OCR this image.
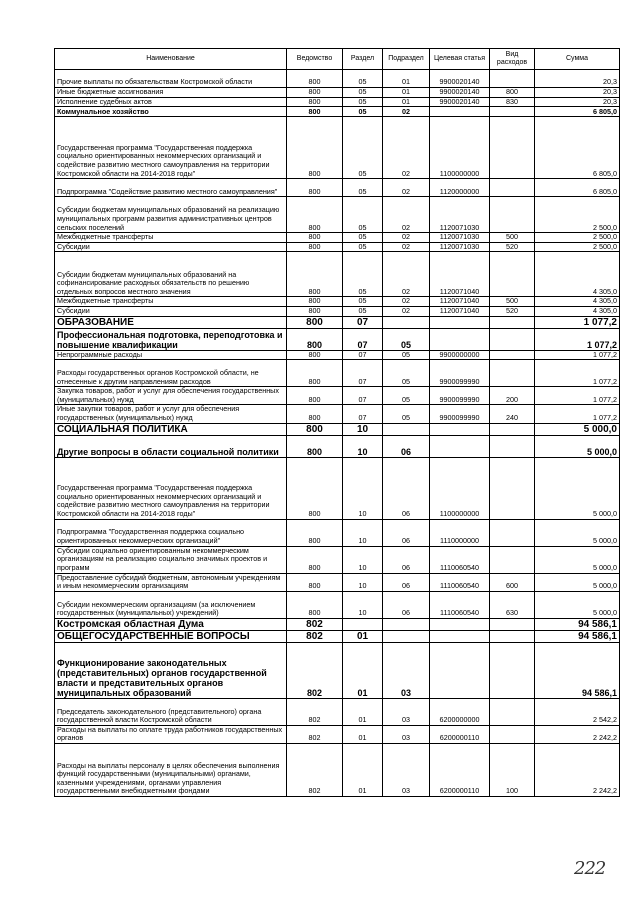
Наименование	Ведомство	Раздел	Подраздел	Целевая статья	Вид расходов	Сумма
Прочие выплаты по обязательствам Костромской области	800	05	01	9900020140		20,3
Иные бюджетные ассигнования	800	05	01	9900020140	800	20,3
Исполнение судебных актов	800	05	01	9900020140	830	20,3
Коммунальное хозяйство	800	05	02			6 805,0
Государственная программа "Государственная поддержка социально ориентированных некоммерческих организаций и содействие развитию местного самоуправления на территории Костромской области на 2014-2018 годы"	800	05	02	1100000000		6 805,0
Подпрограмма "Содействие развитию местного самоуправления"	800	05	02	1120000000		6 805,0
Субсидии бюджетам муниципальных образований на реализацию муниципальных программ развития административных центров сельских поселений	800	05	02	1120071030		2 500,0
Межбюджетные трансферты	800	05	02	1120071030	500	2 500,0
Субсидии	800	05	02	1120071030	520	2 500,0
Субсидии бюджетам муниципальных образований на софинансирование расходных обязательств по решению отдельных вопросов местного значения	800	05	02	1120071040		4 305,0
Межбюджетные трансферты	800	05	02	1120071040	500	4 305,0
Субсидии	800	05	02	1120071040	520	4 305,0
ОБРАЗОВАНИЕ	800	07				1 077,2
Профессиональная подготовка, переподготовка и повышение квалификации	800	07	05			1 077,2
Непрограммные расходы	800	07	05	9900000000		1 077,2
Расходы государственных органов Костромской области, не отнесенные к другим направлениям расходов	800	07	05	9900099990		1 077,2
Закупка товаров, работ и услуг для обеспечения государственных (муниципальных) нужд	800	07	05	9900099990	200	1 077,2
Иные закупки товаров, работ и услуг для обеспечения государственных (муниципальных) нужд	800	07	05	9900099990	240	1 077,2
СОЦИАЛЬНАЯ ПОЛИТИКА	800	10				5 000,0
Другие вопросы в области социальной политики	800	10	06			5 000,0
Государственная программа "Государственная поддержка социально ориентированных некоммерческих организаций и содействие развитию местного самоуправления на территории Костромской области на 2014-2018 годы"	800	10	06	1100000000		5 000,0
Подпрограмма "Государственная поддержка социально ориентированных некоммерческих организаций"	800	10	06	1110000000		5 000,0
Субсидии социально ориентированным некоммерческим организациям на реализацию социально значимых проектов и программ	800	10	06	1110060540		5 000,0
Предоставление субсидий бюджетным, автономным учреждениям и иным некоммерческим организациям	800	10	06	1110060540	600	5 000,0
Субсидии некоммерческим организациям (за исключением государственных (муниципальных) учреждений)	800	10	06	1110060540	630	5 000,0
Костромская областная Дума	802					94 586,1
ОБЩЕГОСУДАРСТВЕННЫЕ ВОПРОСЫ	802	01				94 586,1
Функционирование законодательных (представительных) органов государственной власти и представительных органов муниципальных образований	802	01	03			94 586,1
Председатель законодательного (представительного) органа государственной власти Костромской области	802	01	03	6200000000		2 542,2
Расходы на выплаты по оплате труда работников государственных органов	802	01	03	6200000110		2 242,2
Расходы на выплаты персоналу в целях обеспечения выполнения функций государственными (муниципальными) органами, казенными учреждениями, органами управления государственными внебюджетными фондами	802	01	03	6200000110	100	2 242,2
222
